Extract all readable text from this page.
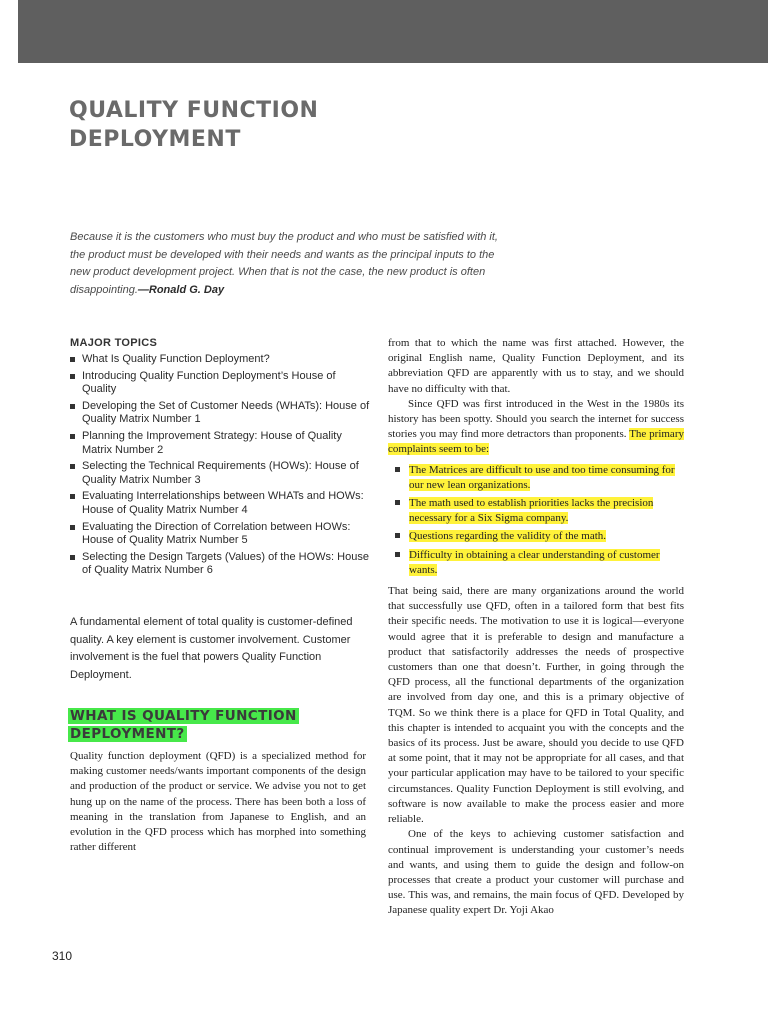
QUALITY FUNCTION
DEPLOYMENT

Because it is the customers who must buy the product and who must be satisfied with it, the product must be developed with their needs and wants as the principal inputs to the new product development project. When that is not the case, the new product is often disappointing.—Ronald G. Day

MAJOR TOPICS

What Is Quality Function Deployment?
Introducing Quality Function Deployment’s House of Quality
Developing the Set of Customer Needs (WHATs): House of Quality Matrix Number 1
Planning the Improvement Strategy: House of Quality Matrix Number 2
Selecting the Technical Requirements (HOWs): House of Quality Matrix Number 3
Evaluating Interrelationships between WHATs and HOWs: House of Quality Matrix Number 4
Evaluating the Direction of Correlation between HOWs: House of Quality Matrix Number 5
Selecting the Design Targets (Values) of the HOWs: House of Quality Matrix Number 6

A fundamental element of total quality is customer-defined quality. A key element is customer involvement. Customer involvement is the fuel that powers Quality Function Deployment.

WHAT IS QUALITY FUNCTION DEPLOYMENT?

Quality function deployment (QFD) is a specialized method for making customer needs/wants important components of the design and production of the product or service. We advise you not to get hung up on the name of the process. There has been both a loss of meaning in the translation from Japanese to English, and an evolution in the QFD process which has morphed into something rather different

from that to which the name was first attached. However, the original English name, Quality Function Deployment, and its abbreviation QFD are apparently with us to stay, and we should have no difficulty with that.

Since QFD was first introduced in the West in the 1980s its history has been spotty. Should you search the internet for success stories you may find more detractors than proponents. The primary complaints seem to be:

The Matrices are difficult to use and too time consuming for our new lean organizations.
The math used to establish priorities lacks the precision necessary for a Six Sigma company.
Questions regarding the validity of the math.
Difficulty in obtaining a clear understanding of customer wants.

That being said, there are many organizations around the world that successfully use QFD, often in a tailored form that best fits their specific needs. The motivation to use it is logical—everyone would agree that it is preferable to design and manufacture a product that satisfactorily addresses the needs of prospective customers than one that doesn’t. Further, in going through the QFD process, all the functional departments of the organization are involved from day one, and this is a primary objective of TQM. So we think there is a place for QFD in Total Quality, and this chapter is intended to acquaint you with the concepts and the basics of its process. Just be aware, should you decide to use QFD at some point, that it may not be appropriate for all cases, and that your particular application may have to be tailored to your specific circumstances. Quality Function Deployment is still evolving, and software is now available to make the process easier and more reliable.

One of the keys to achieving customer satisfaction and continual improvement is understanding your customer’s needs and wants, and using them to guide the design and follow-on processes that create a product your customer will purchase and use. This was, and remains, the main focus of QFD. Developed by Japanese quality expert Dr. Yoji Akao

310
